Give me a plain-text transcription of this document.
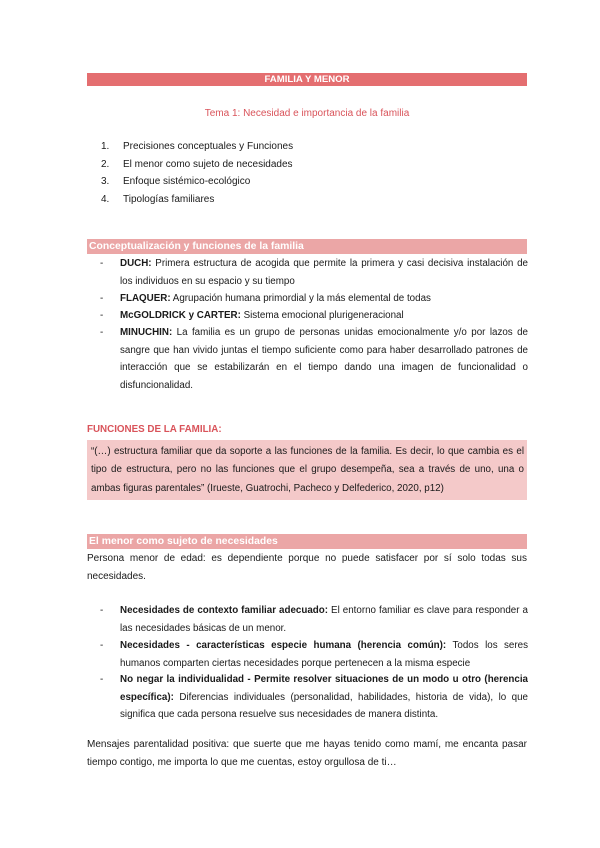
FAMILIA Y MENOR
Tema 1: Necesidad e importancia de la familia
1. Precisiones conceptuales y Funciones
2. El menor como sujeto de necesidades
3. Enfoque sistémico-ecológico
4. Tipologías familiares
Conceptualización y funciones de la familia
- DUCH: Primera estructura de acogida que permite la primera y casi decisiva instalación de los individuos en su espacio y su tiempo
- FLAQUER: Agrupación humana primordial y la más elemental de todas
- McGOLDRICK y CARTER: Sistema emocional plurigeneracional
- MINUCHIN: La familia es un grupo de personas unidas emocionalmente y/o por lazos de sangre que han vivido juntas el tiempo suficiente como para haber desarrollado patrones de interacción que se estabilizarán en el tiempo dando una imagen de funcionalidad o disfuncionalidad.
FUNCIONES DE LA FAMILIA:
“(…) estructura familiar que da soporte a las funciones de la familia. Es decir, lo que cambia es el tipo de estructura, pero no las funciones que el grupo desempeña, sea a través de uno, una o ambas figuras parentales” (Irueste, Guatrochi, Pacheco y Delfederico, 2020, p12)
El menor como sujeto de necesidades
Persona menor de edad: es dependiente porque no puede satisfacer por sí solo todas sus necesidades.
- Necesidades de contexto familiar adecuado: El entorno familiar es clave para responder a las necesidades básicas de un menor.
- Necesidades - características especie humana (herencia común): Todos los seres humanos comparten ciertas necesidades porque pertenecen a la misma especie
- No negar la individualidad - Permite resolver situaciones de un modo u otro (herencia específica): Diferencias individuales (personalidad, habilidades, historia de vida), lo que significa que cada persona resuelve sus necesidades de manera distinta.
Mensajes parentalidad positiva: que suerte que me hayas tenido como mamí, me encanta pasar tiempo contigo, me importa lo que me cuentas, estoy orgullosa de ti…
